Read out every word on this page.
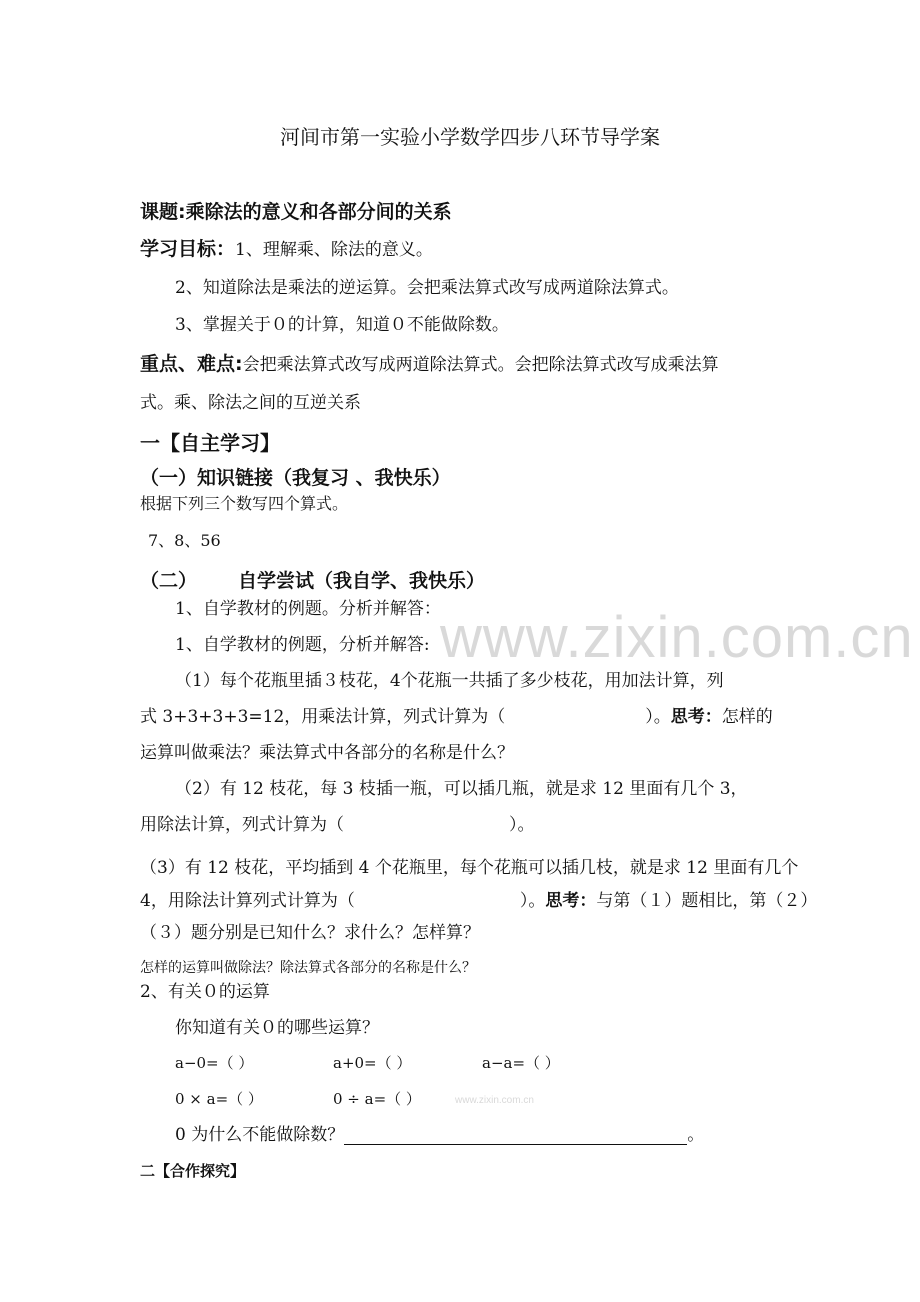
www.zixin.com.cn
河间市第一实验小学数学四步八环节导学案
课题:乘除法的意义和各部分间的关系
学习目标：1、理解乘、除法的意义。
2、知道除法是乘法的逆运算。会把乘法算式改写成两道除法算式。
3、掌握关于０的计算，知道０不能做除数。
重点、难点:会把乘法算式改写成两道除法算式。会把除法算式改写成乘法算
式。乘、除法之间的互逆关系
一【自主学习】
（一）知识链接（我复习 、我快乐）
根据下列三个数写四个算式。
7、8、56
（二） 自学尝试（我自学、我快乐）
1、自学教材的例题。分析并解答：
1、自学教材的例题，分析并解答:
（1）每个花瓶里插３枝花，4个花瓶一共插了多少枝花，用加法计算，列
式 3+3+3+3=12，用乘法计算，列式计算为（	）。思考：怎样的
运算叫做乘法？乘法算式中各部分的名称是什么？
（2）有 12 枝花，每 3 枝插一瓶，可以插几瓶，就是求 12 里面有几个 3，
用除法计算，列式计算为（	）。
（3）有 12 枝花，平均插到 4 个花瓶里，每个花瓶可以插几枝，就是求 12 里面有几个
4，用除法计算列式计算为（	）。思考：与第（１）题相比，第（２）
（３）题分别是已知什么？求什么？怎样算？
怎样的运算叫做除法？除法算式各部分的名称是什么？
2、有关０的运算
你知道有关０的哪些运算？
a−0=（ ）	a+0=（ ）	a−a=（ ）
0 × a=（ ）	0 ÷ a=（ ）	www.zixin.com.cn
0 为什么不能做除数？	。
二【合作探究】
